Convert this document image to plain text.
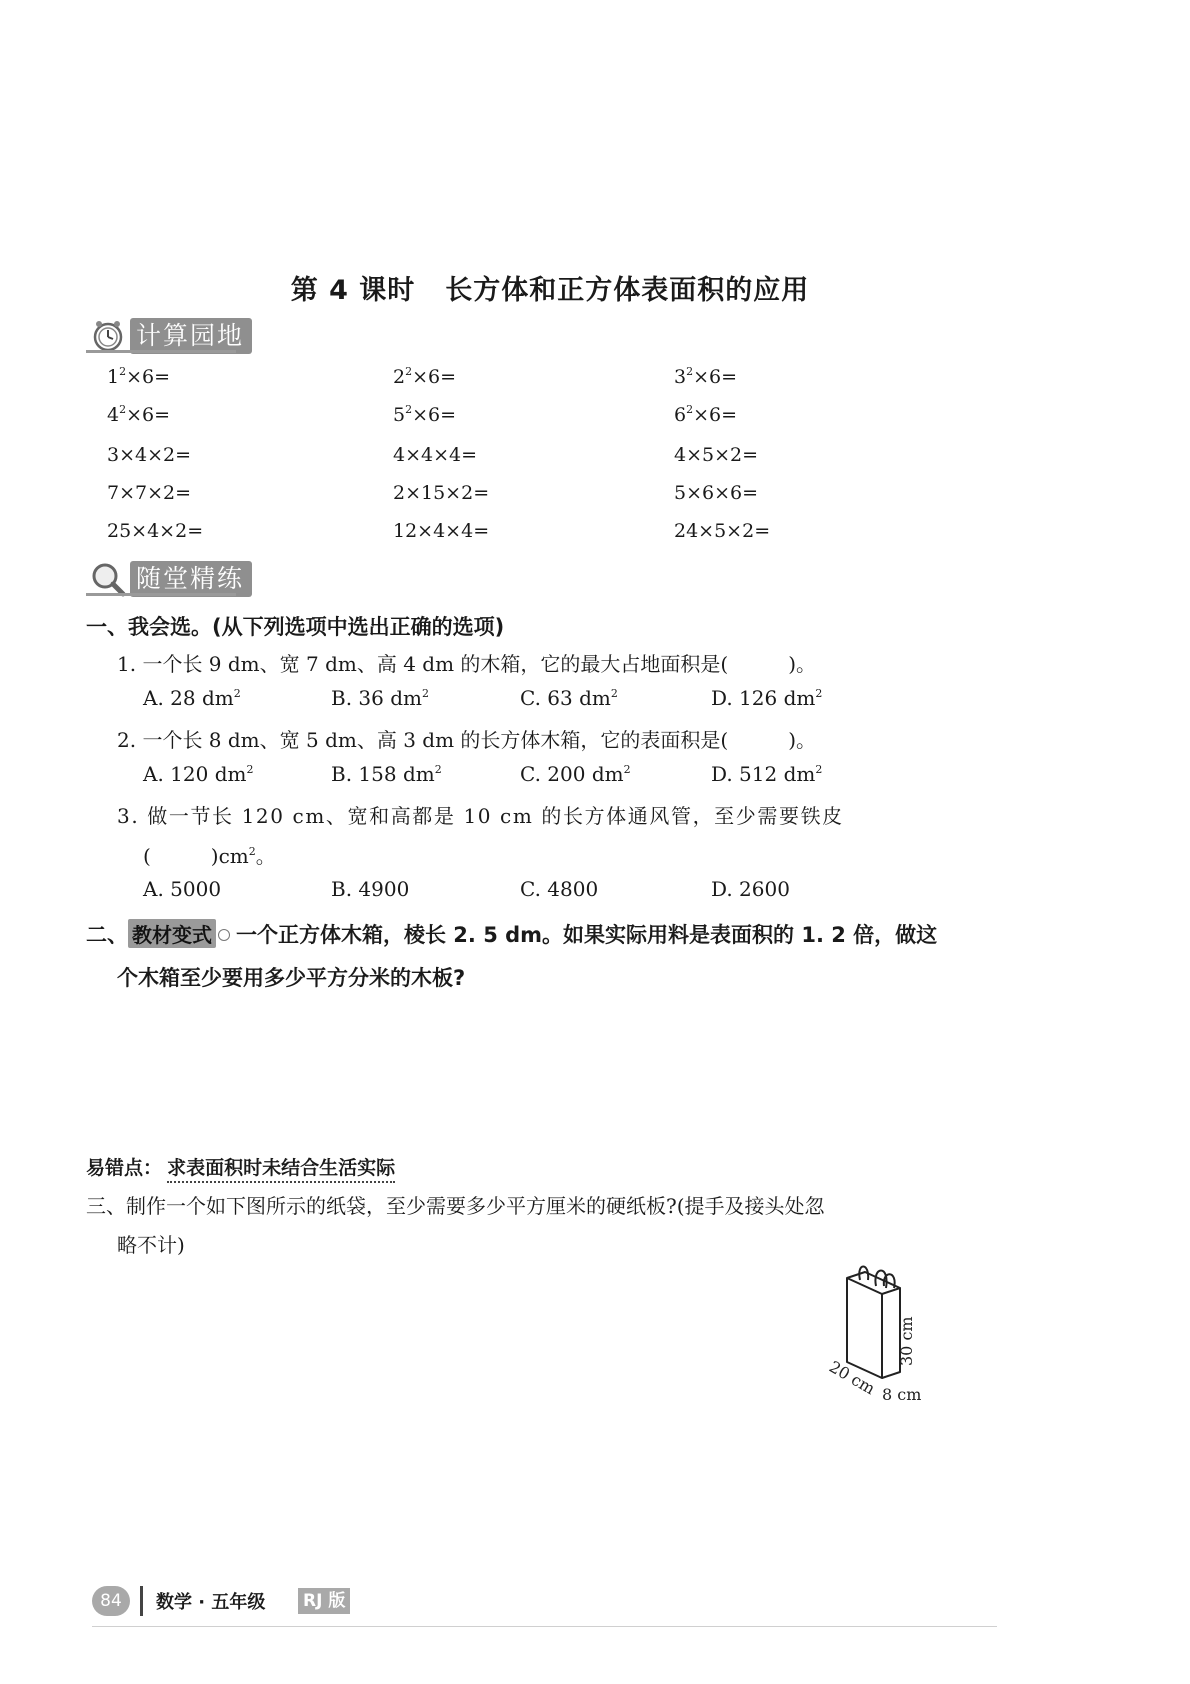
第 4 课时 长方体和正方体表面积的应用
计算园地
$1^2\times 6=$	$2^2\times 6=$	$3^2\times 6=$
$4^2\times 6=$	$5^2\times 6=$	$6^2\times 6=$
3×4×2=	4×4×4=	4×5×2=
7×7×2=	2×15×2=	5×6×6=
25×4×2=	12×4×4=	24×5×2=
随堂精练
一、我会选。(从下列选项中选出正确的选项)
1. 一个长 9 dm、宽 7 dm、高 4 dm 的木箱，它的最大占地面积是(　　　)。
A. 28 $dm^2$	B. 36 $dm^2$	C. 63 $dm^2$	D. 126 $dm^2$
2. 一个长 8 dm、宽 5 dm、高 3 dm 的长方体木箱，它的表面积是(　　　)。
A. 120 $dm^2$	B. 158 $dm^2$	C. 200 $dm^2$	D. 512 $dm^2$
3. 做一节长 120 cm、宽和高都是 10 cm 的长方体通风管，至少需要铁皮
(　　　)$cm^2$。
A. 5000	B. 4900	C. 4800	D. 2600
二、 教材变式 一个正方体木箱，棱长 2. 5 dm。如果实际用料是表面积的 1. 2 倍，做这
个木箱至少要用多少平方分米的木板?
易错点： 求表面积时未结合生活实际
三、制作一个如下图所示的纸袋，至少需要多少平方厘米的硬纸板?(提手及接头处忽
略不计)
30 cm
20 cm 8 cm
84	数学 · 五年级 RJ 版
